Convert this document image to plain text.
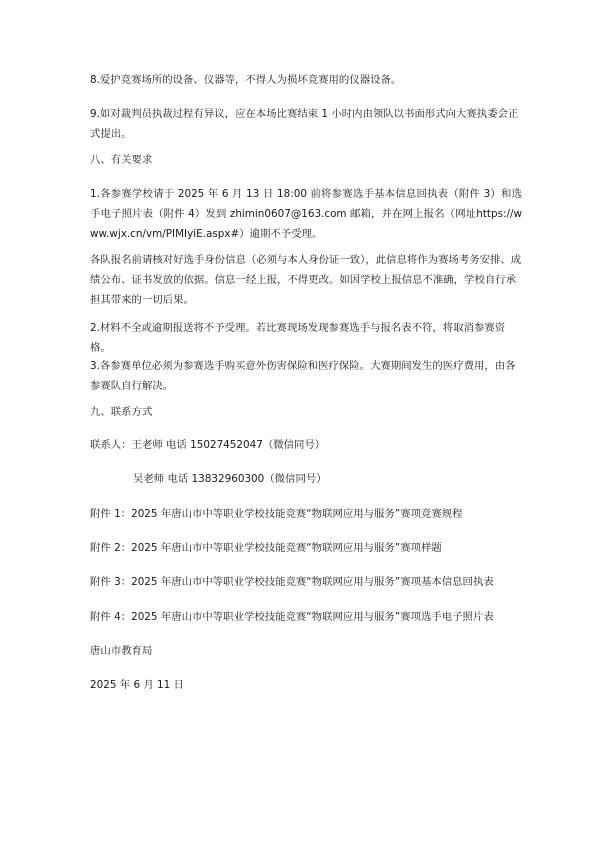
8.爱护竞赛场所的设备、仪器等，不得人为损坏竞赛用的仪器设备。

9.如对裁判员执裁过程有异议，应在本场比赛结束 1 小时内由领队以书面形式向大赛执委会正式提出。

八、有关要求

1.各参赛学校请于 2025 年 6 月 13 日 18:00 前将参赛选手基本信息回执表（附件 3）和选手电子照片表（附件 4）发到 zhimin0607@163.com 邮箱，并在网上报名（网址https://www.wjx.cn/vm/PIMIyiE.aspx#）逾期不予受理。

各队报名前请核对好选手身份信息（必须与本人身份证一致），此信息将作为赛场考务安排、成绩公布、证书发放的依据。信息一经上报，不得更改。如因学校上报信息不准确，学校自行承担其带来的一切后果。

2.材料不全或逾期报送将不予受理。若比赛现场发现参赛选手与报名表不符，将取消参赛资格。

3.各参赛单位必须为参赛选手购买意外伤害保险和医疗保险。大赛期间发生的医疗费用，由各参赛队自行解决。

九、联系方式

联系人：王老师 电话 15027452047（微信同号）

吴老师 电话 13832960300（微信同号）

附件 1：2025 年唐山市中等职业学校技能竞赛“物联网应用与服务”赛项竞赛规程

附件 2：2025 年唐山市中等职业学校技能竞赛“物联网应用与服务”赛项样题

附件 3：2025 年唐山市中等职业学校技能竞赛“物联网应用与服务”赛项基本信息回执表

附件 4：2025 年唐山市中等职业学校技能竞赛“物联网应用与服务”赛项选手电子照片表

唐山市教育局

2025 年 6 月 11 日
